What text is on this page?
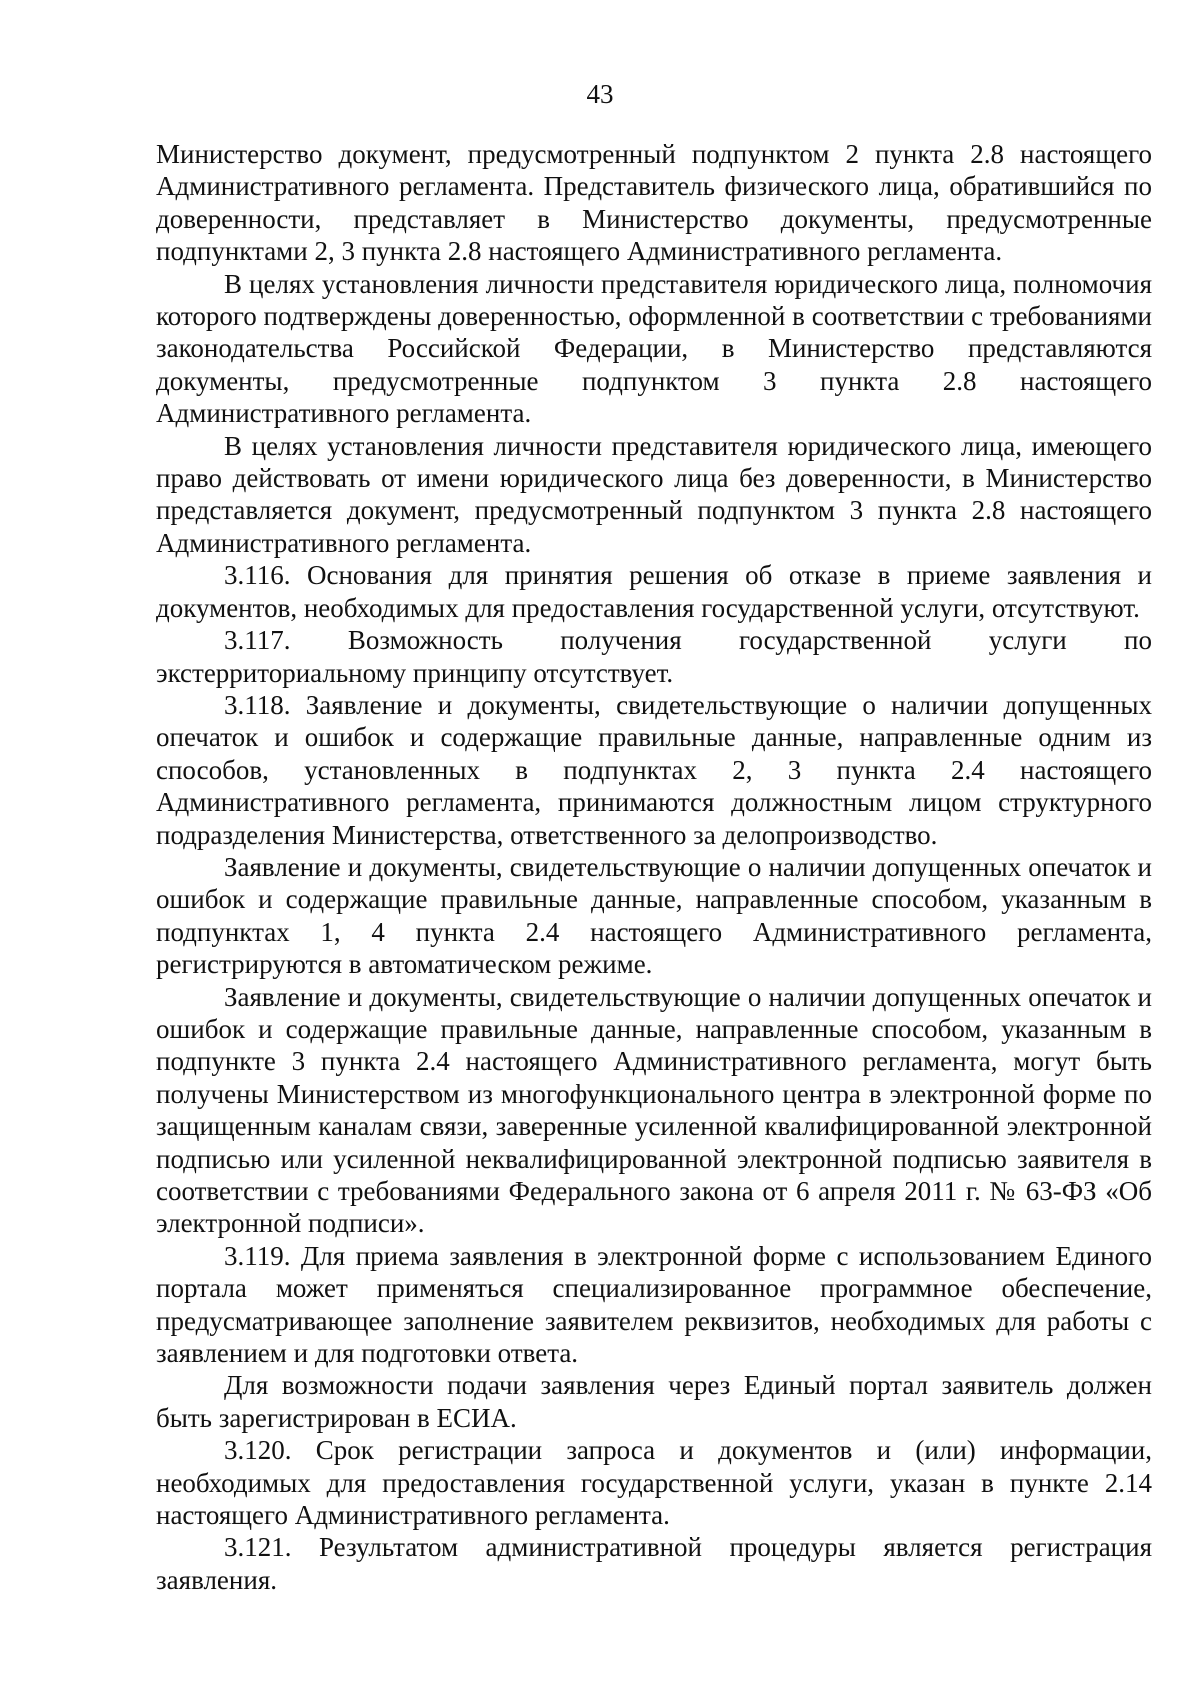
43

Министерство документ, предусмотренный подпунктом 2 пункта 2.8 настоящего Административного регламента. Представитель физического лица, обратившийся по доверенности, представляет в Министерство документы, предусмотренные подпунктами 2, 3 пункта 2.8 настоящего Административного регламента.

В целях установления личности представителя юридического лица, полномочия которого подтверждены доверенностью, оформленной в соответствии с требованиями законодательства Российской Федерации, в Министерство представляются документы, предусмотренные подпунктом 3 пункта 2.8 настоящего Административного регламента.

В целях установления личности представителя юридического лица, имеющего право действовать от имени юридического лица без доверенности, в Министерство представляется документ, предусмотренный подпунктом 3 пункта 2.8 настоящего Административного регламента.

3.116. Основания для принятия решения об отказе в приеме заявления и документов, необходимых для предоставления государственной услуги, отсутствуют.

3.117. Возможность получения государственной услуги по экстерриториальному принципу отсутствует.

3.118. Заявление и документы, свидетельствующие о наличии допущенных опечаток и ошибок и содержащие правильные данные, направленные одним из способов, установленных в подпунктах 2, 3 пункта 2.4 настоящего Административного регламента, принимаются должностным лицом структурного подразделения Министерства, ответственного за делопроизводство.

Заявление и документы, свидетельствующие о наличии допущенных опечаток и ошибок и содержащие правильные данные, направленные способом, указанным в подпунктах 1, 4 пункта 2.4 настоящего Административного регламента, регистрируются в автоматическом режиме.

Заявление и документы, свидетельствующие о наличии допущенных опечаток и ошибок и содержащие правильные данные, направленные способом, указанным в подпункте 3 пункта 2.4 настоящего Административного регламента, могут быть получены Министерством из многофункционального центра в электронной форме по защищенным каналам связи, заверенные усиленной квалифицированной электронной подписью или усиленной неквалифицированной электронной подписью заявителя в соответствии с требованиями Федерального закона от 6 апреля 2011 г. № 63-ФЗ «Об электронной подписи».

3.119. Для приема заявления в электронной форме с использованием Единого портала может применяться специализированное программное обеспечение, предусматривающее заполнение заявителем реквизитов, необходимых для работы с заявлением и для подготовки ответа.

Для возможности подачи заявления через Единый портал заявитель должен быть зарегистрирован в ЕСИА.

3.120. Срок регистрации запроса и документов и (или) информации, необходимых для предоставления государственной услуги, указан в пункте 2.14 настоящего Административного регламента.

3.121. Результатом административной процедуры является регистрация заявления.
